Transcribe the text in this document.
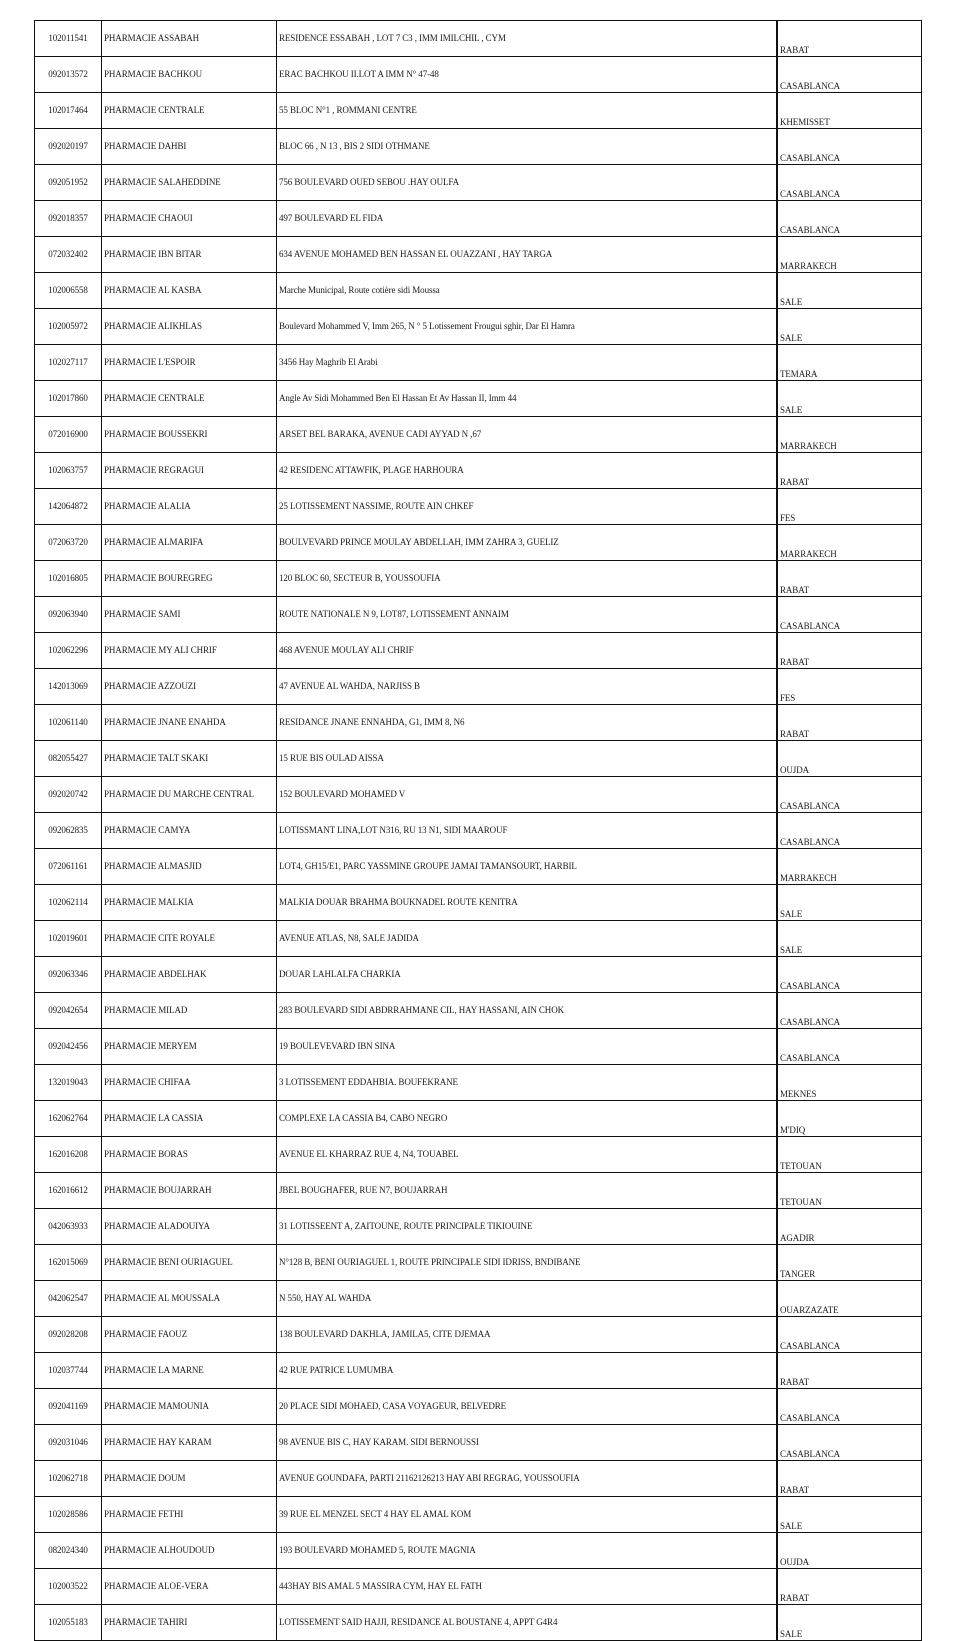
102011541	PHARMACIE ASSABAH	RESIDENCE ESSABAH , LOT 7 C3 , IMM IMILCHIL , CYM	RABAT
092013572	PHARMACIE BACHKOU	ERAC BACHKOU II.LOT A IMM N° 47-48	CASABLANCA
102017464	PHARMACIE CENTRALE	55 BLOC N°1 , ROMMANI CENTRE	KHEMISSET
092020197	PHARMACIE DAHBI	BLOC 66 , N 13 , BIS 2 SIDI OTHMANE	CASABLANCA
092051952	PHARMACIE SALAHEDDINE	756 BOULEVARD OUED SEBOU .HAY OULFA	CASABLANCA
092018357	PHARMACIE CHAOUI	497 BOULEVARD EL FIDA	CASABLANCA
072032402	PHARMACIE IBN BITAR	634 AVENUE MOHAMED BEN HASSAN EL OUAZZANI , HAY TARGA	MARRAKECH
102006558	PHARMACIE AL KASBA	Marche Municipal, Route cotière sidi Moussa	SALE
102005972	PHARMACIE ALIKHLAS	Boulevard Mohammed V, Imm 265, N ° 5 Lotissement Frougui sghir, Dar El Hamra	SALE
102027117	PHARMACIE L'ESPOIR	3456 Hay Maghrib El Arabi	TEMARA
102017860	PHARMACIE CENTRALE	Angle Av Sidi Mohammed Ben El Hassan Et Av Hassan II, Imm 44	SALE
072016900	PHARMACIE BOUSSEKRI	ARSET BEL BARAKA, AVENUE CADI AYYAD N ,67	MARRAKECH
102063757	PHARMACIE REGRAGUI	42 RESIDENC ATTAWFIK, PLAGE HARHOURA	RABAT
142064872	PHARMACIE ALALIA	25 LOTISSEMENT NASSIME, ROUTE AIN CHKEF	FES
072063720	PHARMACIE ALMARIFA	BOULVEVARD PRINCE MOULAY ABDELLAH, IMM ZAHRA 3, GUELIZ	MARRAKECH
102016805	PHARMACIE BOUREGREG	120 BLOC 60, SECTEUR B, YOUSSOUFIA	RABAT
092063940	PHARMACIE SAMI	ROUTE NATIONALE N 9, LOT87, LOTISSEMENT ANNAIM	CASABLANCA
102062296	PHARMACIE MY ALI CHRIF	468 AVENUE MOULAY ALI CHRIF	RABAT
142013069	PHARMACIE AZZOUZI	47 AVENUE AL WAHDA, NARJISS B	FES
102061140	PHARMACIE JNANE ENAHDA	RESIDANCE JNANE ENNAHDA, G1, IMM 8, N6	RABAT
082055427	PHARMACIE TALT SKAKI	15 RUE BIS OULAD AISSA	OUJDA
092020742	PHARMACIE DU MARCHE CENTRAL	152 BOULEVARD MOHAMED V	CASABLANCA
092062835	PHARMACIE CAMYA	LOTISSMANT LINA,LOT N316, RU 13 N1, SIDI MAAROUF	CASABLANCA
072061161	PHARMACIE ALMASJID	LOT4, GH15/E1, PARC YASSMINE GROUPE JAMAI TAMANSOURT, HARBIL	MARRAKECH
102062114	PHARMACIE MALKIA	MALKIA DOUAR BRAHMA BOUKNADEL ROUTE KENITRA	SALE
102019601	PHARMACIE CITE ROYALE	AVENUE ATLAS, N8, SALE JADIDA	SALE
092063346	PHARMACIE ABDELHAK	DOUAR LAHLALFA CHARKIA	CASABLANCA
092042654	PHARMACIE MILAD	283 BOULEVARD SIDI ABDRRAHMANE CIL, HAY HASSANI, AIN CHOK	CASABLANCA
092042456	PHARMACIE MERYEM	19 BOULEVEVARD IBN SINA	CASABLANCA
132019043	PHARMACIE CHIFAA	3 LOTISSEMENT EDDAHBIA. BOUFEKRANE	MEKNES
162062764	PHARMACIE LA CASSIA	COMPLEXE LA CASSIA B4, CABO NEGRO	M'DIQ
162016208	PHARMACIE BORAS	AVENUE EL KHARRAZ RUE 4, N4, TOUABEL	TETOUAN
162016612	PHARMACIE BOUJARRAH	JBEL BOUGHAFER, RUE N7, BOUJARRAH	TETOUAN
042063933	PHARMACIE ALADOUIYA	31 LOTISSEENT A, ZAITOUNE, ROUTE PRINCIPALE TIKIOUINE	AGADIR
162015069	PHARMACIE BENI OURIAGUEL	N°128 B, BENI OURIAGUEL 1, ROUTE PRINCIPALE SIDI IDRISS, BNDIBANE	TANGER
042062547	PHARMACIE AL MOUSSALA	N 550, HAY AL WAHDA	OUARZAZATE
092028208	PHARMACIE FAOUZ	138 BOULEVARD DAKHLA, JAMILA5, CITE DJEMAA	CASABLANCA
102037744	PHARMACIE LA MARNE	42 RUE PATRICE LUMUMBA	RABAT
092041169	PHARMACIE MAMOUNIA	20 PLACE SIDI MOHAED, CASA VOYAGEUR, BELVEDRE	CASABLANCA
092031046	PHARMACIE HAY KARAM	98 AVENUE BIS C, HAY KARAM. SIDI BERNOUSSI	CASABLANCA
102062718	PHARMACIE DOUM	AVENUE GOUNDAFA, PARTI 21162126213 HAY ABI REGRAG, YOUSSOUFIA	RABAT
102028586	PHARMACIE FETHI	39 RUE EL MENZEL SECT 4 HAY EL AMAL KOM	SALE
082024340	PHARMACIE ALHOUDOUD	193 BOULEVARD MOHAMED 5, ROUTE MAGNIA	OUJDA
102003522	PHARMACIE ALOE-VERA	443HAY BIS AMAL 5 MASSIRA CYM, HAY EL FATH	RABAT
102055183	PHARMACIE TAHIRI	LOTISSEMENT SAID HAJJI, RESIDANCE AL BOUSTANE 4, APPT G4R4	SALE
